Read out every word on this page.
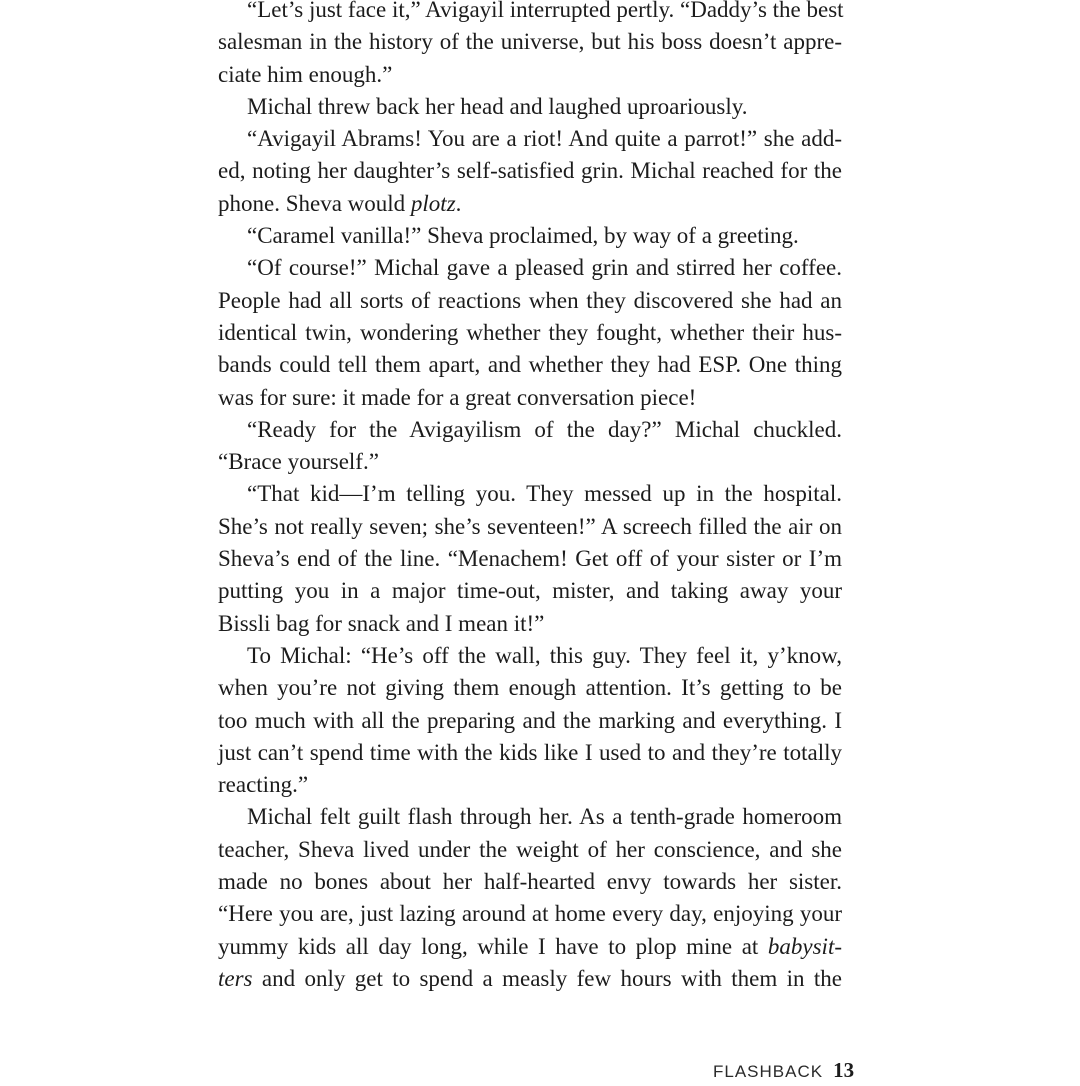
“Let’s just face it,” Avigayil interrupted pertly. “Daddy’s the best
salesman in the history of the universe, but his boss doesn’t appre-
ciate him enough.”
Michal threw back her head and laughed uproariously.
“Avigayil Abrams! You are a riot! And quite a parrot!” she add-
ed, noting her daughter’s self-satisfied grin. Michal reached for the
phone. Sheva would plotz.
“Caramel vanilla!” Sheva proclaimed, by way of a greeting.
“Of course!” Michal gave a pleased grin and stirred her coffee.
People had all sorts of reactions when they discovered she had an
identical twin, wondering whether they fought, whether their hus-
bands could tell them apart, and whether they had ESP. One thing
was for sure: it made for a great conversation piece!
“Ready for the Avigayilism of the day?” Michal chuckled.
“Brace yourself.”
“That kid—I’m telling you. They messed up in the hospital.
She’s not really seven; she’s seventeen!” A screech filled the air on
Sheva’s end of the line. “Menachem! Get off of your sister or I’m
putting you in a major time-out, mister, and taking away your
Bissli bag for snack and I mean it!”
To Michal: “He’s off the wall, this guy. They feel it, y’know,
when you’re not giving them enough attention. It’s getting to be
too much with all the preparing and the marking and everything. I
just can’t spend time with the kids like I used to and they’re totally
reacting.”
Michal felt guilt flash through her. As a tenth-grade homeroom
teacher, Sheva lived under the weight of her conscience, and she
made no bones about her half-hearted envy towards her sister.
“Here you are, just lazing around at home every day, enjoying your
yummy kids all day long, while I have to plop mine at babysit-
ters and only get to spend a measly few hours with them in the
FLASHBACK 13
